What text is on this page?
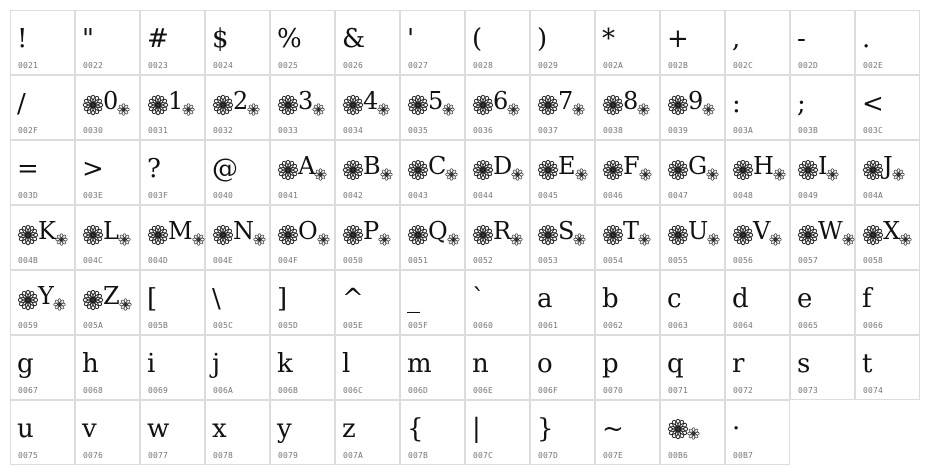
!
0021
"
0022
#
0023
$
0024
%
0025
&
0026
'
0027
(
0028
)
0029
*
002A
+
002B
,
002C
-
002D
.
002E
/
002F
0
0030
1
0031
2
0032
3
0033
4
0034
5
0035
6
0036
7
0037
8
0038
9
0039
:
003A
;
003B
<
003C
=
003D
>
003E
?
003F
@
0040
A
0041
B
0042
C
0043
D
0044
E
0045
F
0046
G
0047
H
0048
I
0049
J
004A
K
004B
L
004C
M
004D
N
004E
O
004F
P
0050
Q
0051
R
0052
S
0053
T
0054
U
0055
V
0056
W
0057
X
0058
Y
0059
Z
005A
[
005B
\
005C
]
005D
^
005E
_
005F
`
0060
a
0061
b
0062
c
0063
d
0064
e
0065
f
0066
g
0067
h
0068
i
0069
j
006A
k
006B
l
006C
m
006D
n
006E
o
006F
p
0070
q
0071
r
0072
s
0073
t
0074
u
0075
v
0076
w
0077
x
0078
y
0079
z
007A
{
007B
|
007C
}
007D
~
007E	00B6
·
00B7
